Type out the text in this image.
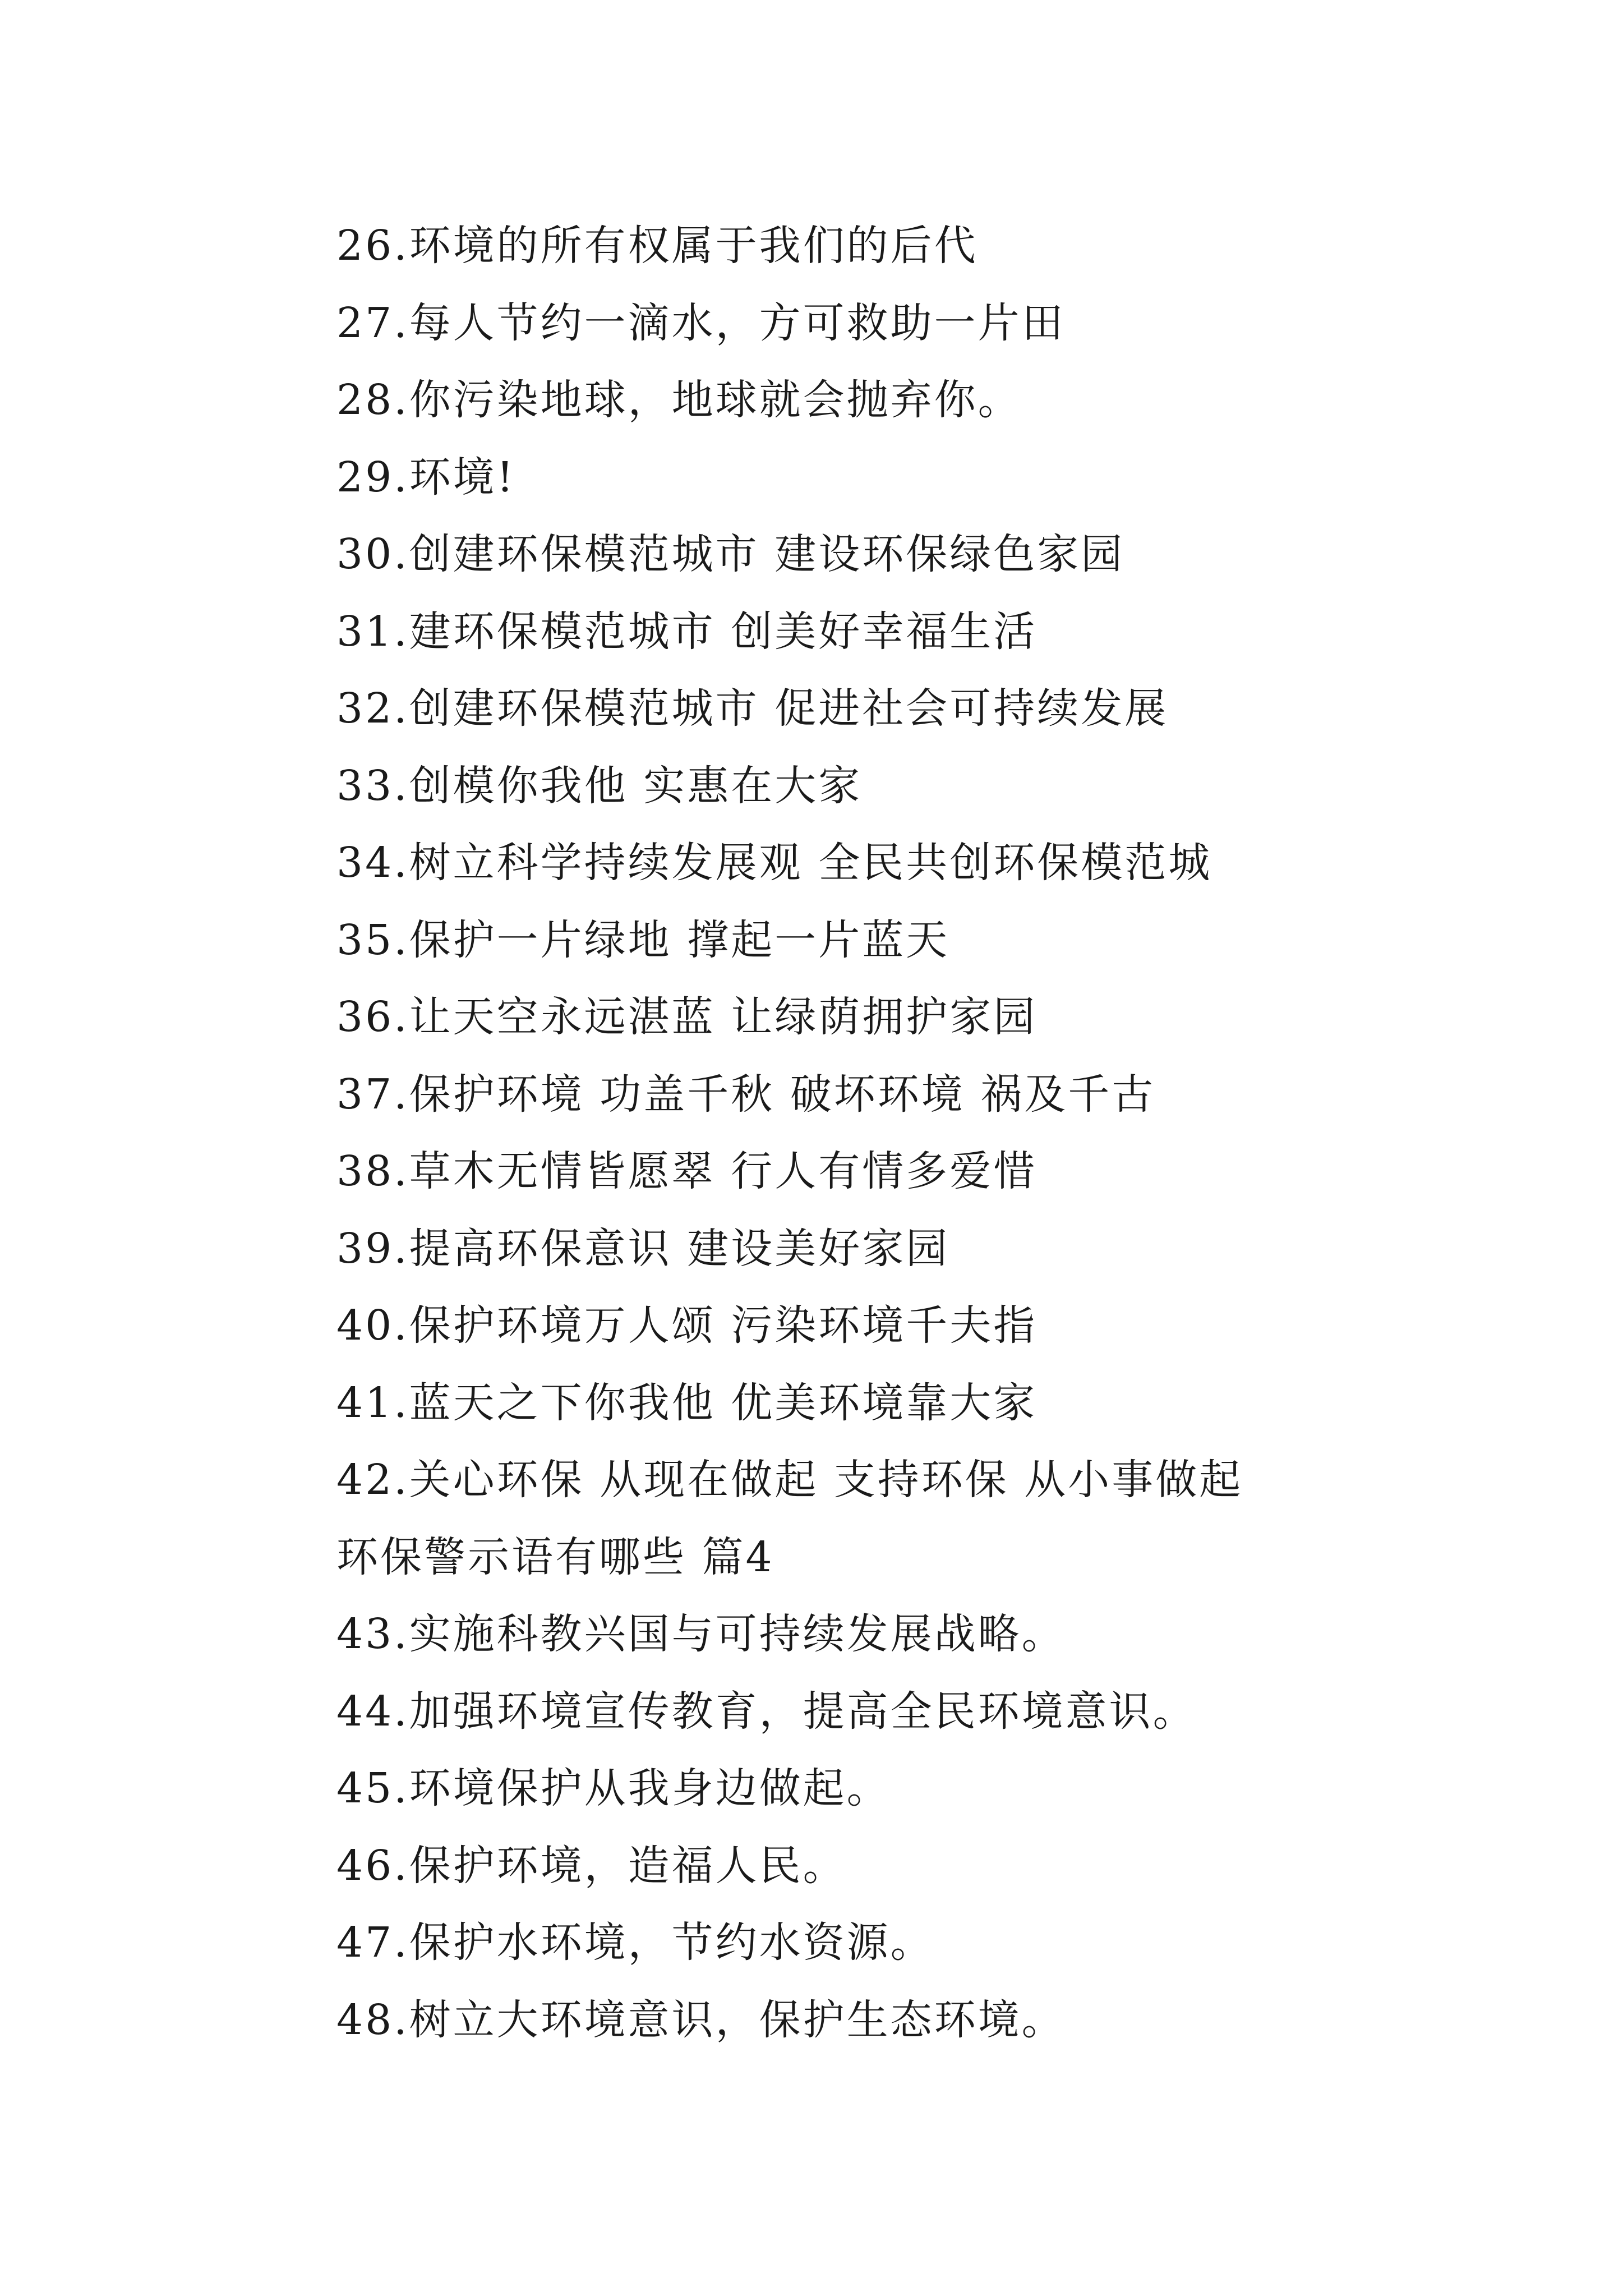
26.环境的所有权属于我们的后代
27.每人节约一滴水，方可救助一片田
28.你污染地球，地球就会抛弃你。
29.环境!
30.创建环保模范城市 建设环保绿色家园
31.建环保模范城市 创美好幸福生活
32.创建环保模范城市 促进社会可持续发展
33.创模你我他 实惠在大家
34.树立科学持续发展观 全民共创环保模范城
35.保护一片绿地 撑起一片蓝天
36.让天空永远湛蓝 让绿荫拥护家园
37.保护环境 功盖千秋 破坏环境 祸及千古
38.草木无情皆愿翠 行人有情多爱惜
39.提高环保意识 建设美好家园
40.保护环境万人颂 污染环境千夫指
41.蓝天之下你我他 优美环境靠大家
42.关心环保 从现在做起 支持环保 从小事做起
环保警示语有哪些 篇4
43.实施科教兴国与可持续发展战略。
44.加强环境宣传教育，提高全民环境意识。
45.环境保护从我身边做起。
46.保护环境，造福人民。
47.保护水环境，节约水资源。
48.树立大环境意识，保护生态环境。
